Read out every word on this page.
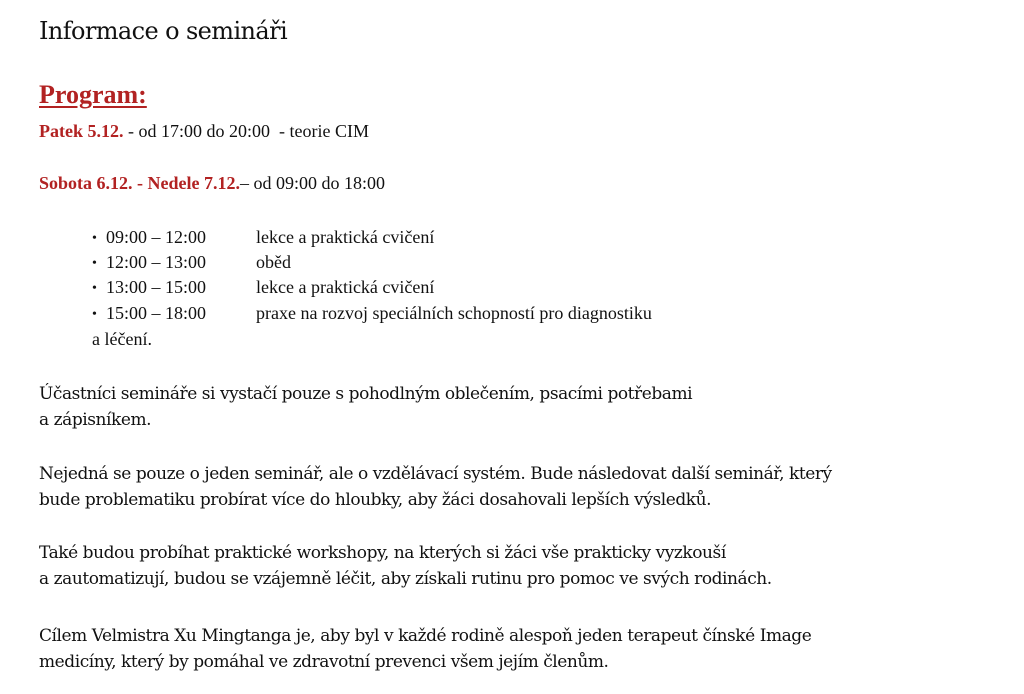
Informace o semináři
Program:
Patek 5.12. - od 17:00 do 20:00  - teorie CIM
Sobota 6.12. - Nedele 7.12.– od 09:00 do 18:00
• 09:00 – 12:00	lekce a praktická cvičení
• 12:00 – 13:00	oběd
• 13:00 – 15:00	lekce a praktická cvičení
• 15:00 – 18:00	praxe na rozvoj speciálních schopností pro diagnostiku
a léčení.
Účastníci semináře si vystačí pouze s pohodlným oblečením, psacími potřebami
a zápisníkem.
Nejedná se pouze o jeden seminář, ale o vzdělávací systém. Bude následovat další seminář, který
bude problematiku probírat více do hloubky, aby žáci dosahovali lepších výsledků.
Také budou probíhat praktické workshopy, na kterých si žáci vše prakticky vyzkouší
a zautomatizují, budou se vzájemně léčit, aby získali rutinu pro pomoc ve svých rodinách.
Cílem Velmistra Xu Mingtanga je, aby byl v každé rodině alespoň jeden terapeut čínské Image
medicíny, který by pomáhal ve zdravotní prevenci všem jejím členům.
